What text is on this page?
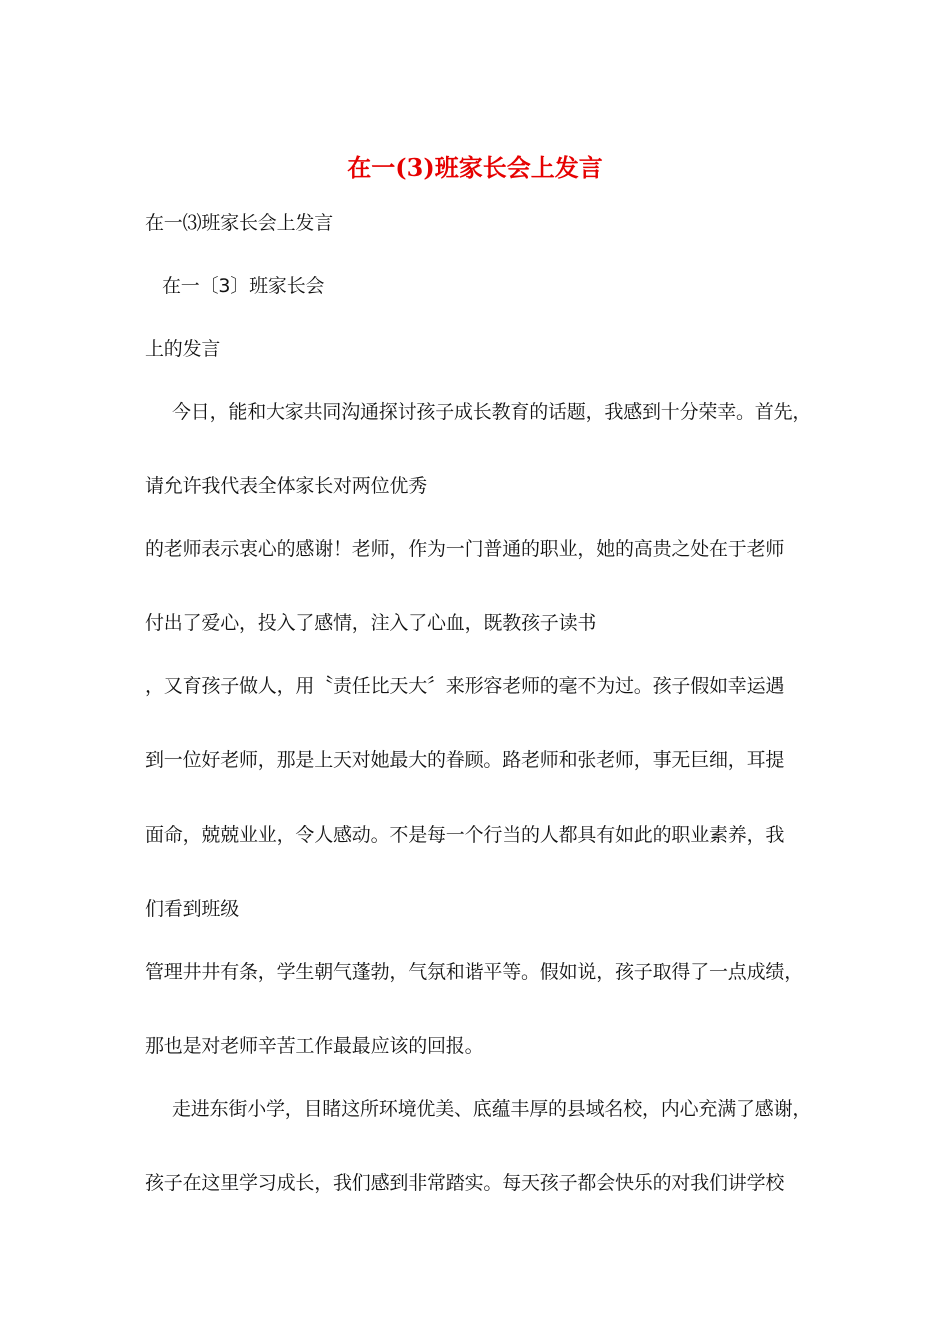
在一(3)班家长会上发言
在一⑶班家长会上发言
在一〔3〕班家长会
上的发言
今日，能和大家共同沟通探讨孩子成长教育的话题，我感到十分荣幸。首先，
请允许我代表全体家长对两位优秀
的老师表示衷心的感谢！老师，作为一门普通的职业，她的高贵之处在于老师
付出了爱心，投入了感情，注入了心血，既教孩子读书
，又育孩子做人，用〝责任比天大〞来形容老师的毫不为过。孩子假如幸运遇
到一位好老师，那是上天对她最大的眷顾。路老师和张老师，事无巨细，耳提
面命，兢兢业业，令人感动。不是每一个行当的人都具有如此的职业素养，我
们看到班级
管理井井有条，学生朝气蓬勃，气氛和谐平等。假如说，孩子取得了一点成绩，
那也是对老师辛苦工作最最应该的回报。
走进东街小学，目睹这所环境优美、底蕴丰厚的县域名校，内心充满了感谢，
孩子在这里学习成长，我们感到非常踏实。每天孩子都会快乐的对我们讲学校
